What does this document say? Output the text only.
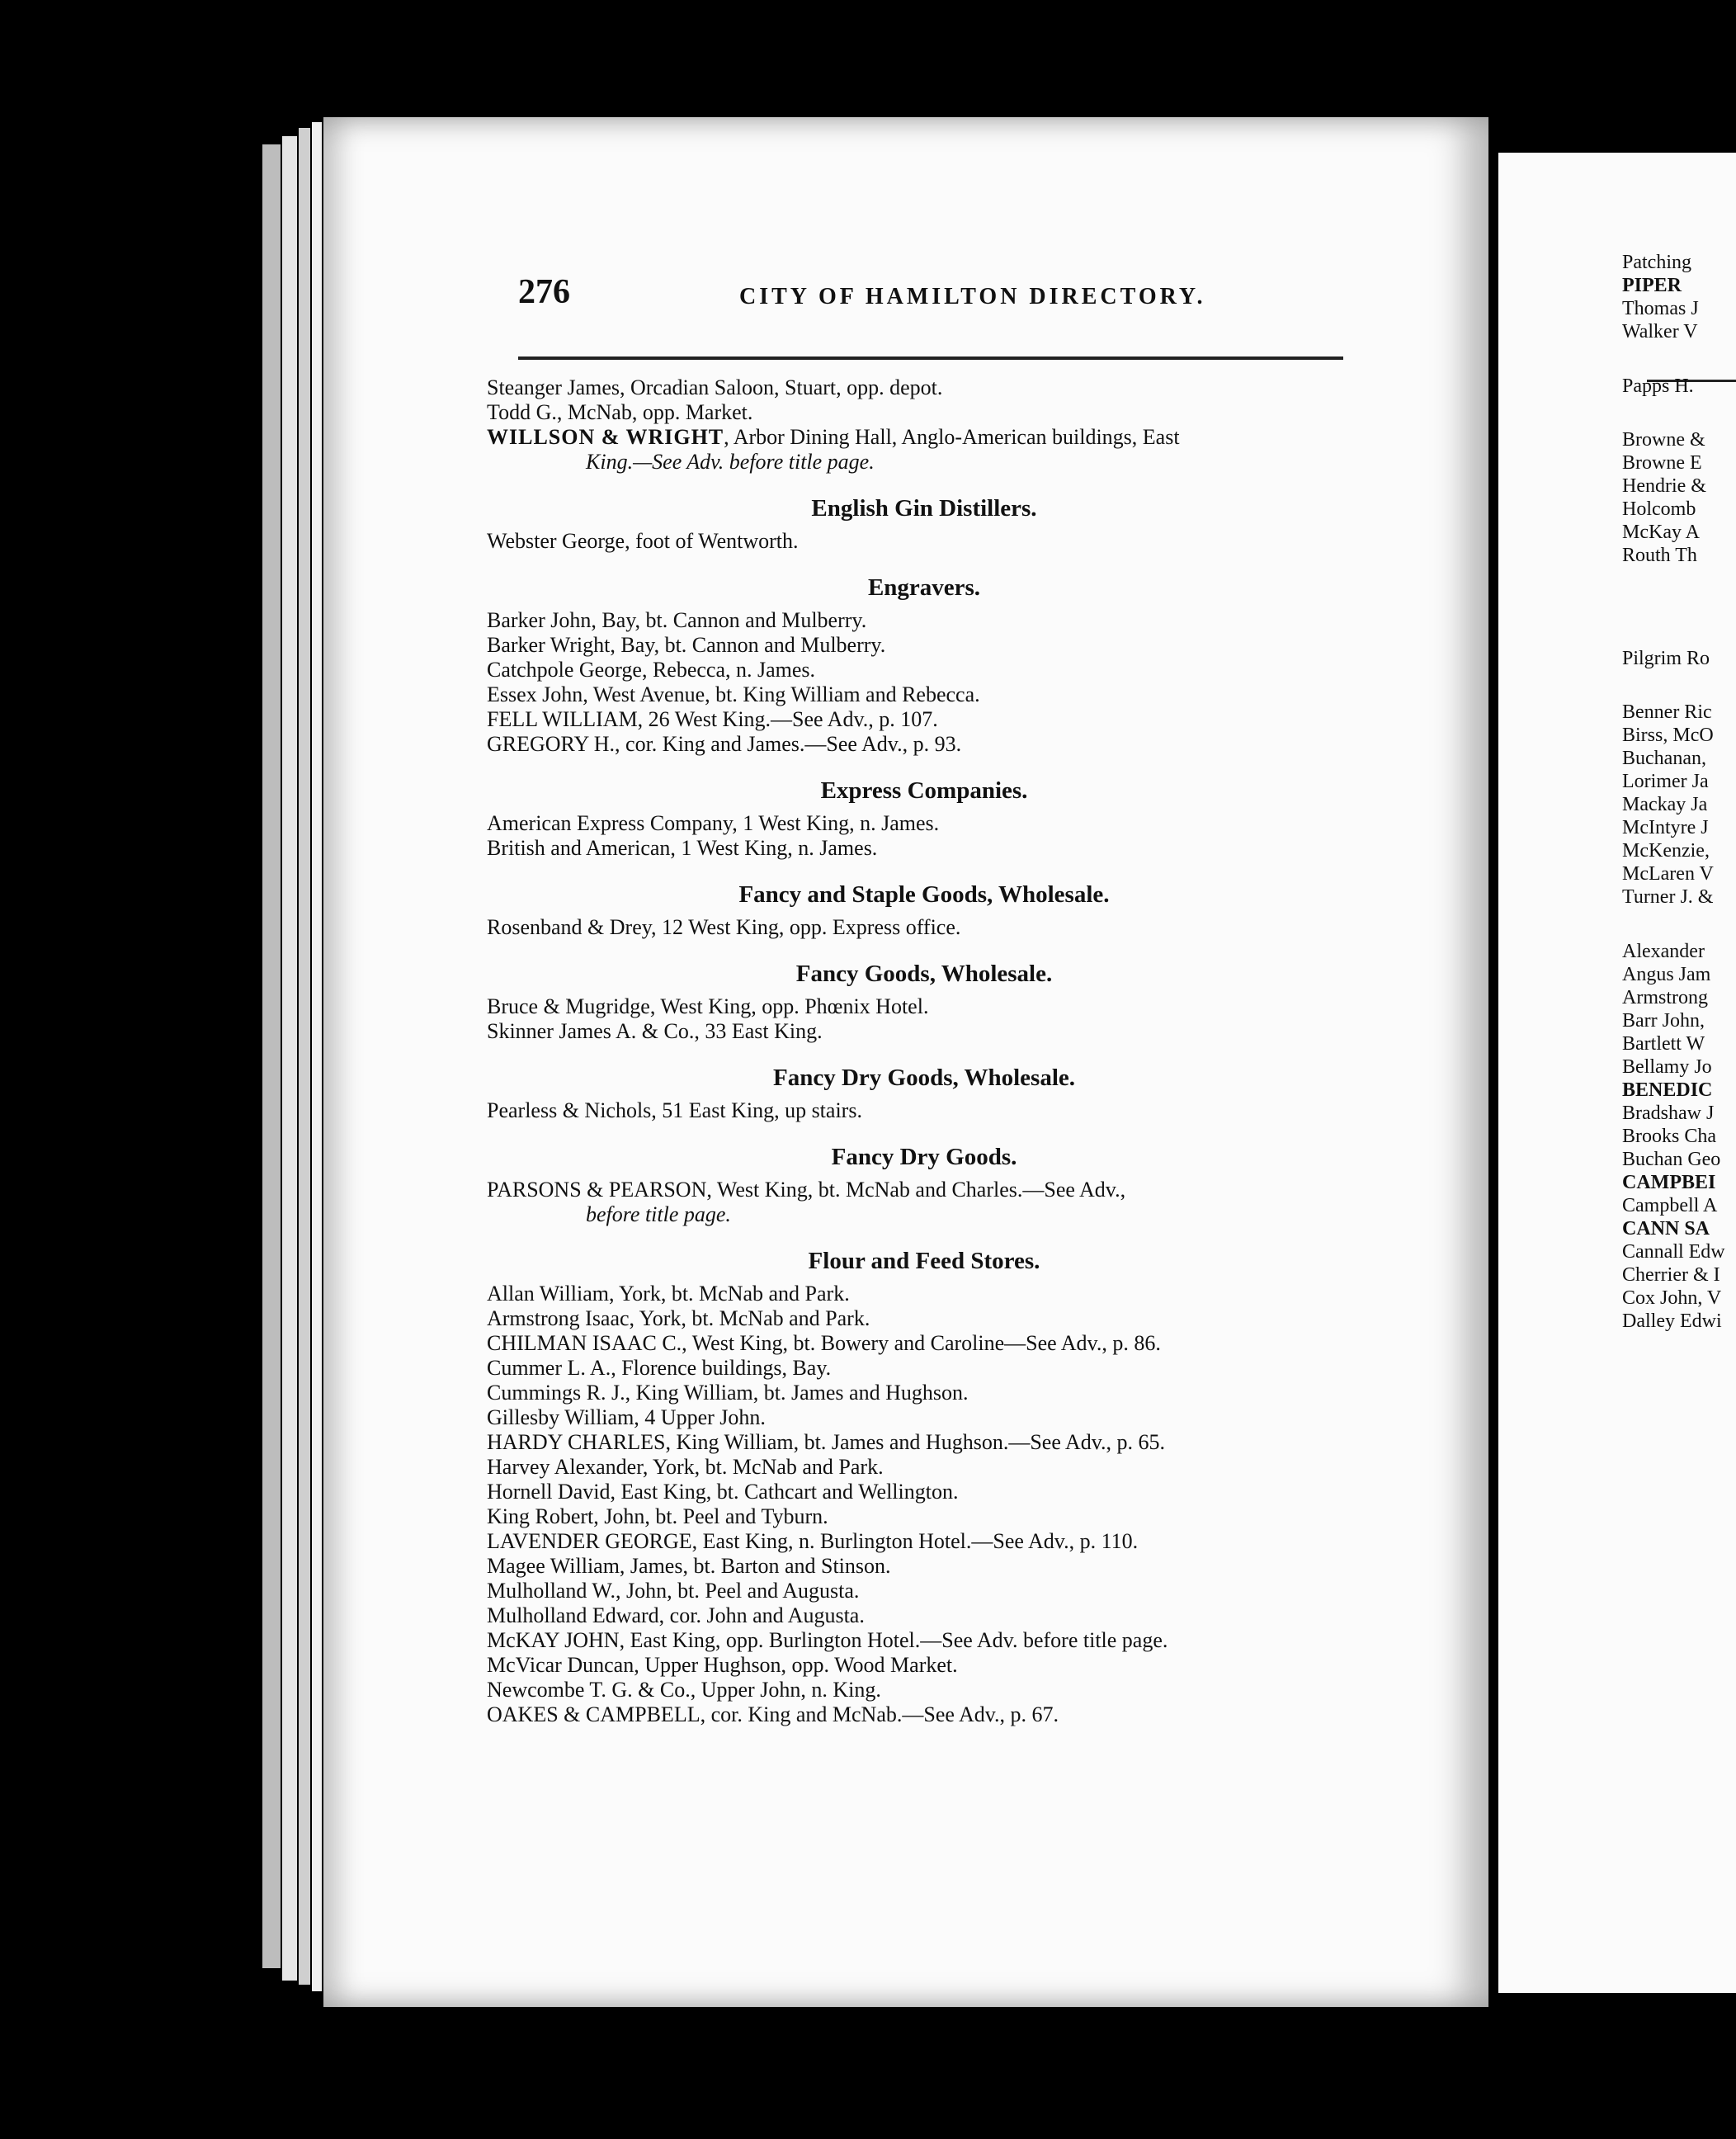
276	CITY OF HAMILTON DIRECTORY.
Steanger James, Orcadian Saloon, Stuart, opp. depot.
Todd G., McNab, opp. Market.
WILLSON & WRIGHT, Arbor Dining Hall, Anglo-American buildings, East
King.—See Adv. before title page.
English Gin Distillers.
Webster George, foot of Wentworth.
Engravers.
Barker John, Bay, bt. Cannon and Mulberry.
Barker Wright, Bay, bt. Cannon and Mulberry.
Catchpole George, Rebecca, n. James.
Essex John, West Avenue, bt. King William and Rebecca.
FELL WILLIAM, 26 West King.—See Adv., p. 107.
GREGORY H., cor. King and James.—See Adv., p. 93.
Express Companies.
American Express Company, 1 West King, n. James.
British and American, 1 West King, n. James.
Fancy and Staple Goods, Wholesale.
Rosenband & Drey, 12 West King, opp. Express office.
Fancy Goods, Wholesale.
Bruce & Mugridge, West King, opp. Phœnix Hotel.
Skinner James A. & Co., 33 East King.
Fancy Dry Goods, Wholesale.
Pearless & Nichols, 51 East King, up stairs.
Fancy Dry Goods.
PARSONS & PEARSON, West King, bt. McNab and Charles.—See Adv.,
before title page.
Flour and Feed Stores.
Allan William, York, bt. McNab and Park.
Armstrong Isaac, York, bt. McNab and Park.
CHILMAN ISAAC C., West King, bt. Bowery and Caroline—See Adv., p. 86.
Cummer L. A., Florence buildings, Bay.
Cummings R. J., King William, bt. James and Hughson.
Gillesby William, 4 Upper John.
HARDY CHARLES, King William, bt. James and Hughson.—See Adv., p. 65.
Harvey Alexander, York, bt. McNab and Park.
Hornell David, East King, bt. Cathcart and Wellington.
King Robert, John, bt. Peel and Tyburn.
LAVENDER GEORGE, East King, n. Burlington Hotel.—See Adv., p. 110.
Magee William, James, bt. Barton and Stinson.
Mulholland W., John, bt. Peel and Augusta.
Mulholland Edward, cor. John and Augusta.
McKAY JOHN, East King, opp. Burlington Hotel.—See Adv. before title page.
McVicar Duncan, Upper Hughson, opp. Wood Market.
Newcombe T. G. & Co., Upper John, n. King.
OAKES & CAMPBELL, cor. King and McNab.—See Adv., p. 67.
Patching
PIPER
Thomas J
Walker V
Papps H.
Browne &
Browne E
Hendrie &
Holcomb
McKay A
Routh Th
Pilgrim Ro
Benner Ric
Birss, McO
Buchanan,
Lorimer Ja
Mackay Ja
McIntyre J
McKenzie,
McLaren V
Turner J. &
Alexander
Angus Jam
Armstrong
Barr John,
Bartlett W
Bellamy Jo
BENEDIC
Bradshaw J
Brooks Cha
Buchan Geo
CAMPBEI
Campbell A
CANN SA
Cannall Edw
Cherrier & I
Cox John, V
Dalley Edwi
